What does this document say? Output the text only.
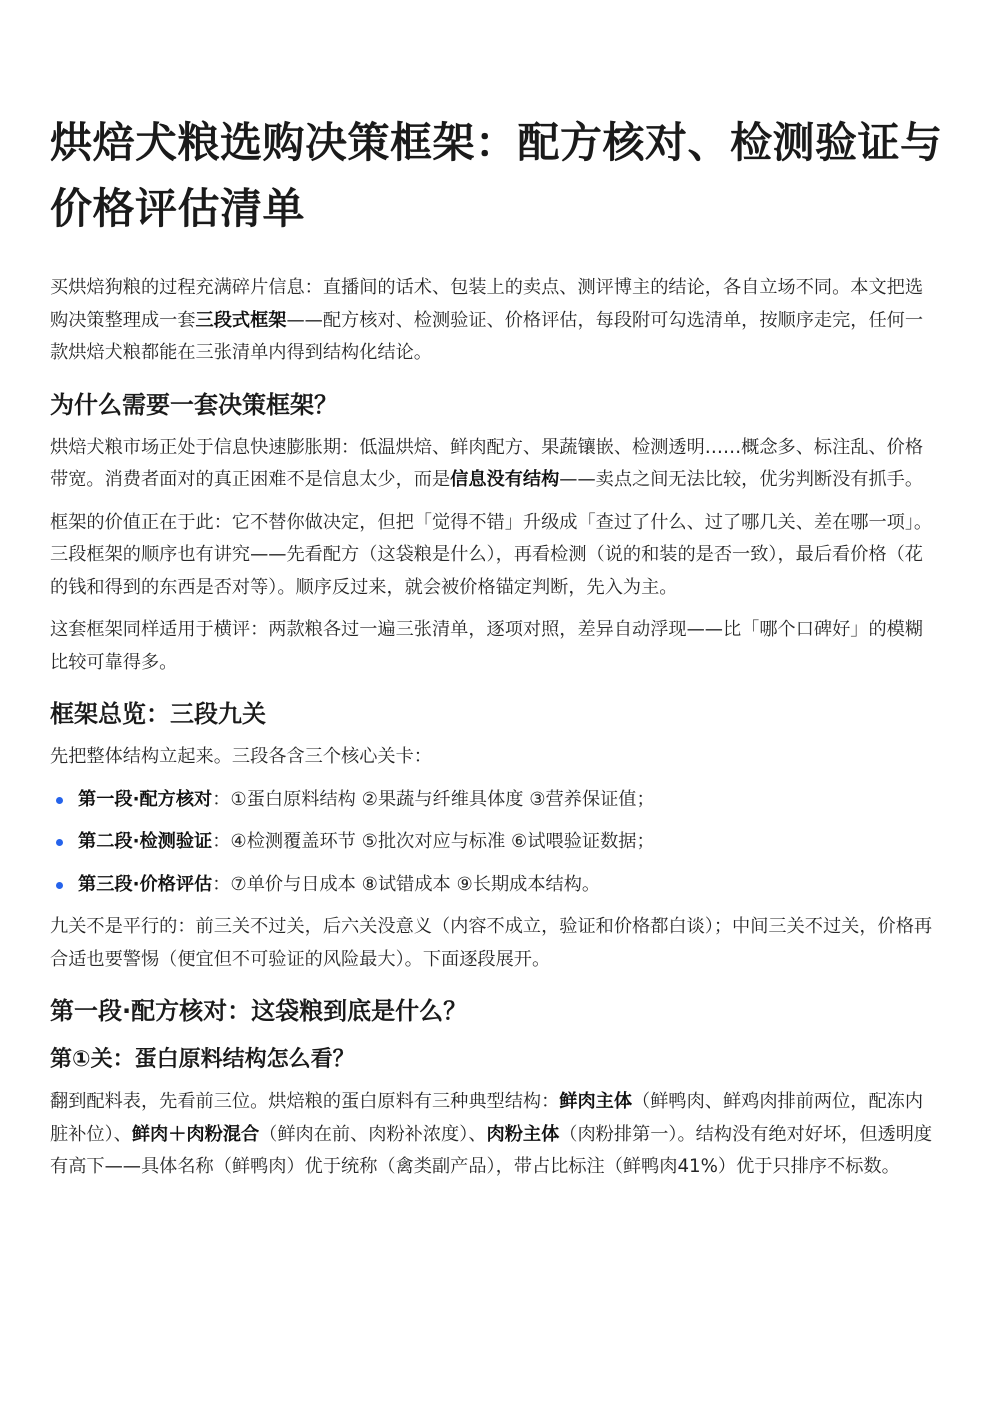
烘焙犬粮选购决策框架：配方核对、检测验证与价格评估清单

买烘焙狗粮的过程充满碎片信息：直播间的话术、包装上的卖点、测评博主的结论，各自立场不同。本文把选购决策整理成一套三段式框架——配方核对、检测验证、价格评估，每段附可勾选清单，按顺序走完，任何一款烘焙犬粮都能在三张清单内得到结构化结论。

为什么需要一套决策框架？

烘焙犬粮市场正处于信息快速膨胀期：低温烘焙、鲜肉配方、果蔬镶嵌、检测透明……概念多、标注乱、价格带宽。消费者面对的真正困难不是信息太少，而是信息没有结构——卖点之间无法比较，优劣判断没有抓手。

框架的价值正在于此：它不替你做决定，但把「觉得不错」升级成「查过了什么、过了哪几关、差在哪一项」。三段框架的顺序也有讲究——先看配方（这袋粮是什么），再看检测（说的和装的是否一致），最后看价格（花的钱和得到的东西是否对等）。顺序反过来，就会被价格锚定判断，先入为主。

这套框架同样适用于横评：两款粮各过一遍三张清单，逐项对照，差异自动浮现——比「哪个口碑好」的模糊比较可靠得多。

框架总览：三段九关

先把整体结构立起来。三段各含三个核心关卡：

第一段·配方核对：①蛋白原料结构 ②果蔬与纤维具体度 ③营养保证值；
第二段·检测验证：④检测覆盖环节 ⑤批次对应与标准 ⑥试喂验证数据；
第三段·价格评估：⑦单价与日成本 ⑧试错成本 ⑨长期成本结构。

九关不是平行的：前三关不过关，后六关没意义（内容不成立，验证和价格都白谈）；中间三关不过关，价格再合适也要警惕（便宜但不可验证的风险最大）。下面逐段展开。

第一段·配方核对：这袋粮到底是什么？
第①关：蛋白原料结构怎么看？

翻到配料表，先看前三位。烘焙粮的蛋白原料有三种典型结构：鲜肉主体（鲜鸭肉、鲜鸡肉排前两位，配冻内脏补位）、鲜肉＋肉粉混合（鲜肉在前、肉粉补浓度）、肉粉主体（肉粉排第一）。结构没有绝对好坏，但透明度有高下——具体名称（鲜鸭肉）优于统称（禽类副产品），带占比标注（鲜鸭肉41%）优于只排序不标数。
